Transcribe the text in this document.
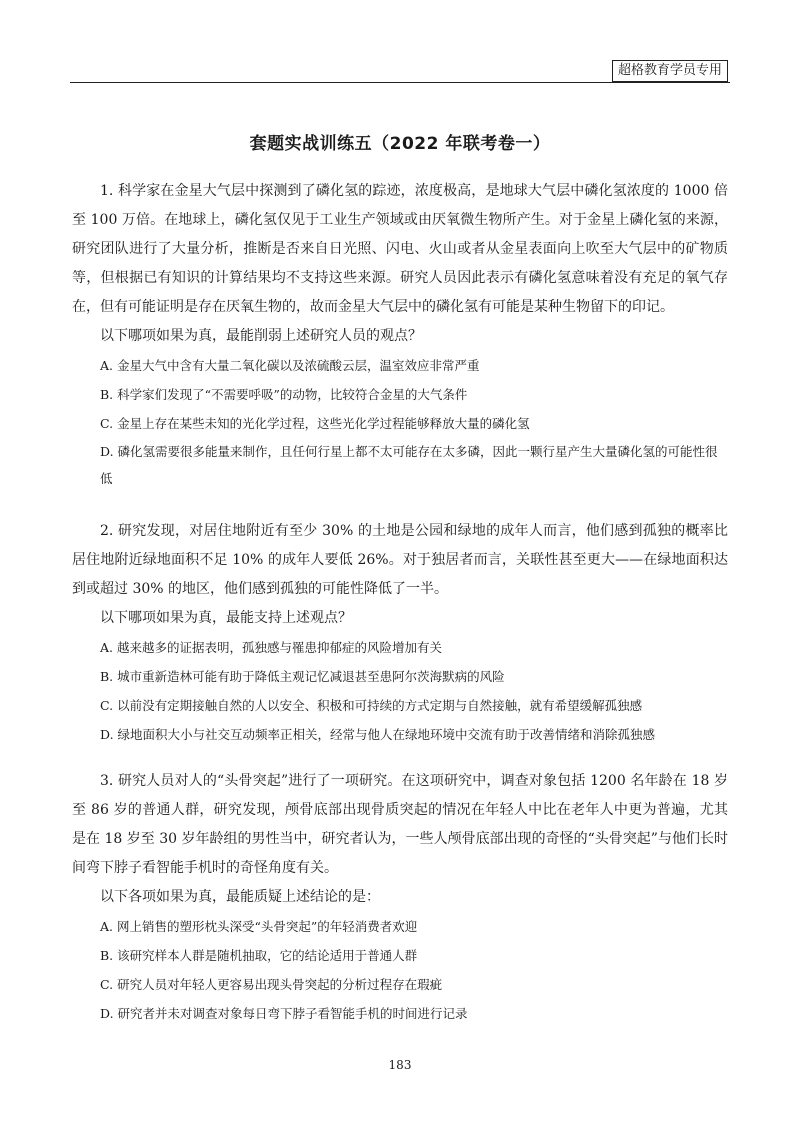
超格教育学员专用
套题实战训练五（2022 年联考卷一）

1. 科学家在金星大气层中探测到了磷化氢的踪迹，浓度极高，是地球大气层中磷化氢浓度的 1000 倍至 100 万倍。在地球上，磷化氢仅见于工业生产领域或由厌氧微生物所产生。对于金星上磷化氢的来源，研究团队进行了大量分析，推断是否来自日光照、闪电、火山或者从金星表面向上吹至大气层中的矿物质等，但根据已有知识的计算结果均不支持这些来源。研究人员因此表示有磷化氢意味着没有充足的氧气存在，但有可能证明是存在厌氧生物的，故而金星大气层中的磷化氢有可能是某种生物留下的印记。

以下哪项如果为真，最能削弱上述研究人员的观点？

A. 金星大气中含有大量二氧化碳以及浓硫酸云层，温室效应非常严重
B. 科学家们发现了“不需要呼吸”的动物，比较符合金星的大气条件
C. 金星上存在某些未知的光化学过程，这些光化学过程能够释放大量的磷化氢
D. 磷化氢需要很多能量来制作，且任何行星上都不太可能存在太多磷，因此一颗行星产生大量磷化氢的可能性很低

2. 研究发现，对居住地附近有至少 30% 的土地是公园和绿地的成年人而言，他们感到孤独的概率比居住地附近绿地面积不足 10% 的成年人要低 26%。对于独居者而言，关联性甚至更大——在绿地面积达到或超过 30% 的地区，他们感到孤独的可能性降低了一半。

以下哪项如果为真，最能支持上述观点？

A. 越来越多的证据表明，孤独感与罹患抑郁症的风险增加有关
B. 城市重新造林可能有助于降低主观记忆减退甚至患阿尔茨海默病的风险
C. 以前没有定期接触自然的人以安全、积极和可持续的方式定期与自然接触，就有希望缓解孤独感
D. 绿地面积大小与社交互动频率正相关，经常与他人在绿地环境中交流有助于改善情绪和消除孤独感

3. 研究人员对人的“头骨突起”进行了一项研究。在这项研究中，调查对象包括 1200 名年龄在 18 岁至 86 岁的普通人群，研究发现，颅骨底部出现骨质突起的情况在年轻人中比在老年人中更为普遍，尤其是在 18 岁至 30 岁年龄组的男性当中，研究者认为，一些人颅骨底部出现的奇怪的“头骨突起”与他们长时间弯下脖子看智能手机时的奇怪角度有关。

以下各项如果为真，最能质疑上述结论的是：

A. 网上销售的塑形枕头深受“头骨突起”的年轻消费者欢迎
B. 该研究样本人群是随机抽取，它的结论适用于普通人群
C. 研究人员对年轻人更容易出现头骨突起的分析过程存在瑕疵
D. 研究者并未对调查对象每日弯下脖子看智能手机的时间进行记录
183
